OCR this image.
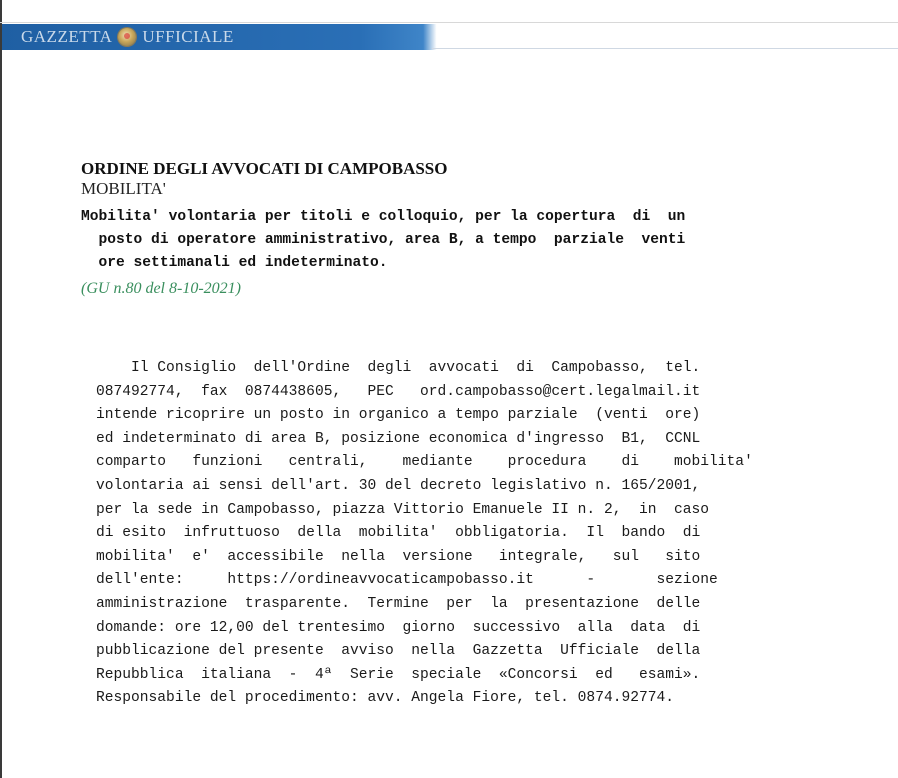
GAZZETTA UFFICIALE
ORDINE DEGLI AVVOCATI DI CAMPOBASSO
MOBILITA'
Mobilita' volontaria per titoli e colloquio, per la copertura  di  un
posto di operatore amministrativo, area B, a tempo  parziale  venti
ore settimanali ed indeterminato.
(GU n.80 del 8-10-2021)
Il Consiglio  dell'Ordine  degli  avvocati  di  Campobasso,  tel.
087492774,  fax  0874438605,   PEC   ord.campobasso@cert.legalmail.it
intende ricoprire un posto in organico a tempo parziale  (venti  ore)
ed indeterminato di area B, posizione economica d'ingresso  B1,  CCNL
comparto   funzioni   centrali,    mediante    procedura    di    mobilita'
volontaria ai sensi dell'art. 30 del decreto legislativo n. 165/2001,
per la sede in Campobasso, piazza Vittorio Emanuele II n. 2,  in  caso
di esito  infruttuoso  della  mobilita'  obbligatoria.  Il  bando  di
mobilita'  e'  accessibile  nella  versione   integrale,   sul   sito
dell'ente:     https://ordineavvocaticampobasso.it      -       sezione
amministrazione  trasparente.  Termine  per  la  presentazione  delle
domande: ore 12,00 del trentesimo  giorno  successivo  alla  data  di
pubblicazione del presente  avviso  nella  Gazzetta  Ufficiale  della
Repubblica  italiana  -  4ª  Serie  speciale  «Concorsi  ed   esami».
Responsabile del procedimento: avv. Angela Fiore, tel. 0874.92774.
